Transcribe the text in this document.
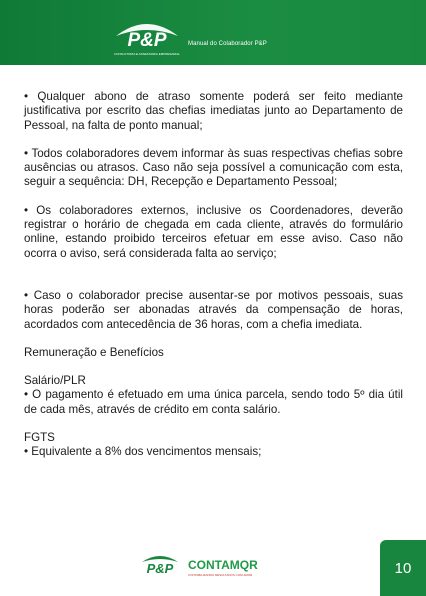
P&P
CONSULTORIA E ASSESSORIA EMPRESARIAL
Manual do Colaborador P&P

• Qualquer abono de atraso somente poderá ser feito mediante justificativa por escrito das chefias imediatas junto ao Departamento de Pessoal, na falta de ponto manual;

• Todos colaboradores devem informar às suas respectivas chefias sobre ausências ou atrasos. Caso não seja possível a comunicação com esta, seguir a sequência: DH, Recepção e Departamento Pessoal;

• Os colaboradores externos, inclusive os Coordenadores, deverão registrar o horário de chegada em cada cliente, através do formulário online, estando proibido terceiros efetuar em esse aviso. Caso não ocorra o aviso, será considerada falta ao serviço;

• Caso o colaborador precise ausentar-se por motivos pessoais, suas horas poderão ser abonadas através da compensação de horas, acordados com antecedência de 36 horas, com a chefia imediata.

Remuneração e Benefícios

Salário/PLR

• O pagamento é efetuado em uma única parcela, sendo todo 5º dia útil de cada mês, através de crédito em conta salário.

FGTS

• Equivalente a 8% dos vencimentos mensais;

P&P CONTAMQR
CONTABILIZANDO RESULTADOS COM AMOR	10
